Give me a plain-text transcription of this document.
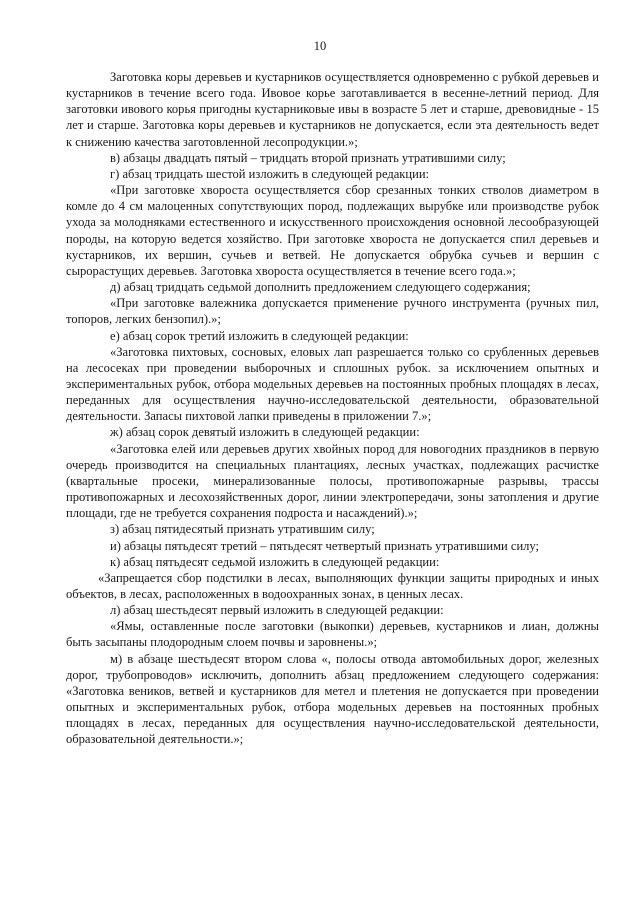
10

Заготовка коры деревьев и кустарников осуществляется одновременно с рубкой деревьев и кустарников в течение всего года. Ивовое корье заготавливается в весенне-летний период. Для заготовки ивового корья пригодны кустарниковые ивы в возрасте 5 лет и старше, древовидные - 15 лет и старше. Заготовка коры деревьев и кустарников не допускается, если эта деятельность ведет к снижению качества заготовленной лесопродукции.»;

в) абзацы двадцать пятый – тридцать второй признать утратившими силу;

г) абзац тридцать шестой изложить в следующей редакции:

«При заготовке хвороста осуществляется сбор срезанных тонких стволов диаметром в комле до 4 см малоценных сопутствующих пород, подлежащих вырубке или производстве рубок ухода за молодняками естественного и искусственного происхождения основной лесообразующей породы, на которую ведется хозяйство. При заготовке хвороста не допускается спил деревьев и кустарников, их вершин, сучьев и ветвей. Не допускается обрубка сучьев и вершин с сырорастущих деревьев. Заготовка хвороста осуществляется в течение всего года.»;

д) абзац тридцать седьмой дополнить предложением следующего содержания;

«При заготовке валежника допускается применение ручного инструмента (ручных пил, топоров, легких бензопил).»;

е) абзац сорок третий изложить в следующей редакции:

«Заготовка пихтовых, сосновых, еловых лап разрешается только со срубленных деревьев на лесосеках при проведении выборочных и сплошных рубок. за исключением опытных и экспериментальных рубок, отбора модельных деревьев на постоянных пробных площадях в лесах, переданных для осуществления научно-исследовательской деятельности, образовательной деятельности. Запасы пихтовой лапки приведены в приложении 7.»;

ж) абзац сорок девятый изложить в следующей редакции:

«Заготовка елей или деревьев других хвойных пород для новогодних праздников в первую очередь производится на специальных плантациях, лесных участках, подлежащих расчистке (квартальные просеки, минерализованные полосы, противопожарные разрывы, трассы противопожарных и лесохозяйственных дорог, линии электропередачи, зоны затопления и другие площади, где не требуется сохранения подроста и насаждений).»;

з) абзац пятидесятый признать утратившим силу;

и) абзацы пятьдесят третий – пятьдесят четвертый признать утратившими силу;

к) абзац пятьдесят седьмой изложить в следующей редакции:

«Запрещается сбор подстилки в лесах, выполняющих функции защиты природных и иных объектов, в лесах, расположенных в водоохранных зонах, в ценных лесах.

л) абзац шестьдесят первый изложить в следующей редакции:

«Ямы, оставленные после заготовки (выкопки) деревьев, кустарников и лиан, должны быть засыпаны плодородным слоем почвы и заровнены.»;

м) в абзаце шестьдесят втором слова «, полосы отвода автомобильных дорог, железных дорог, трубопроводов» исключить, дополнить абзац предложением следующего содержания: «Заготовка веников, ветвей и кустарников для метел и плетения не допускается при проведении опытных и экспериментальных рубок, отбора модельных деревьев на постоянных пробных площадях в лесах, переданных для осуществления научно-исследовательской деятельности, образовательной деятельности.»;
